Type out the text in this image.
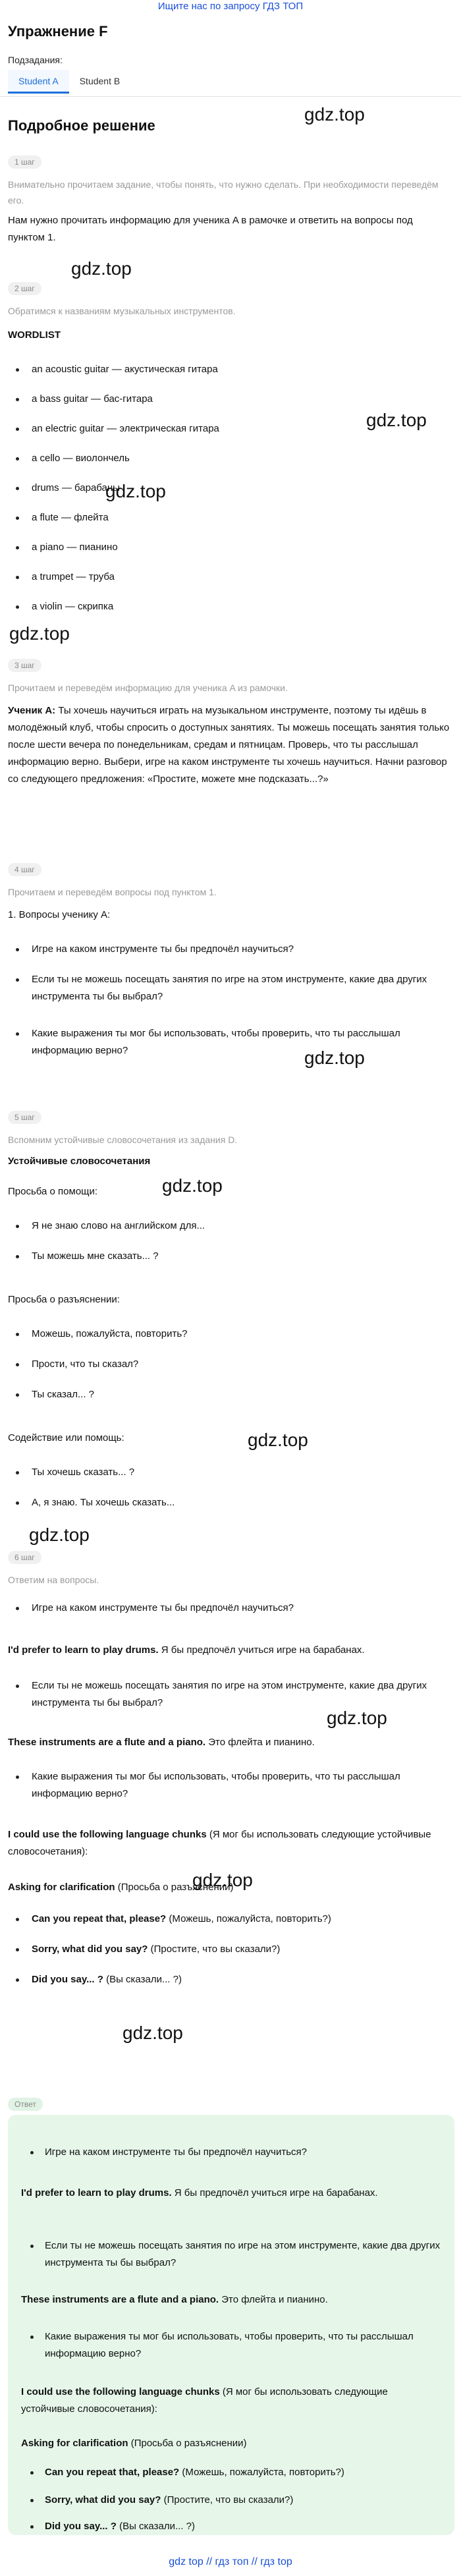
Ищите нас по запросу ГДЗ ТОП
Упражнение F
Подзадания:
Student A	Student B
Подробное решение
gdz.top
gdz.top
gdz.top
gdz.top
gdz.top
gdz.top
gdz.top
gdz.top
gdz.top
gdz.top
gdz.top
gdz.top
1 шаг
Внимательно прочитаем задание, чтобы понять, что нужно сделать. При необходимости переведём его.
Нам нужно прочитать информацию для ученика A в рамочке и ответить на вопросы под пунктом 1.
2 шаг
Обратимся к названиям музыкальных инструментов.
WORDLIST
an acoustic guitar — акустическая гитара
a bass guitar — бас-гитара
an electric guitar — электрическая гитара
a cello — виолончель
drums — барабаны
a flute — флейта
a piano — пианино
a trumpet — труба
a violin — скрипка
3 шаг
Прочитаем и переведём информацию для ученика A из рамочки.
Ученик A: Ты хочешь научиться играть на музыкальном инструменте, поэтому ты идёшь в молодёжный клуб, чтобы спросить о доступных занятиях. Ты можешь посещать занятия только после шести вечера по понедельникам, средам и пятницам. Проверь, что ты расслышал информацию верно. Выбери, игре на каком инструменте ты хочешь научиться. Начни разговор со следующего предложения: «Простите, можете мне подсказать...?»
4 шаг
Прочитаем и переведём вопросы под пунктом 1.
1. Вопросы ученику A:
Игре на каком инструменте ты бы предпочёл научиться?
Если ты не можешь посещать занятия по игре на этом инструменте, какие два других инструмента ты бы выбрал?
Какие выражения ты мог бы использовать, чтобы проверить, что ты расслышал информацию верно?
5 шаг
Вспомним устойчивые словосочетания из задания D.
Устойчивые словосочетания
Просьба о помощи:
Я не знаю слово на английском для...
Ты можешь мне сказать... ?
Просьба о разъяснении:
Можешь, пожалуйста, повторить?
Прости, что ты сказал?
Ты сказал... ?
Содействие или помощь:
Ты хочешь сказать... ?
А, я знаю. Ты хочешь сказать...
6 шаг
Ответим на вопросы.
Игре на каком инструменте ты бы предпочёл научиться?
I'd prefer to learn to play drums. Я бы предпочёл учиться игре на барабанах.
Если ты не можешь посещать занятия по игре на этом инструменте, какие два других инструмента ты бы выбрал?
These instruments are a flute and a piano. Это флейта и пианино.
Какие выражения ты мог бы использовать, чтобы проверить, что ты расслышал информацию верно?
I could use the following language chunks (Я мог бы использовать следующие устойчивые словосочетания):
Asking for clarification (Просьба о разъяснении)
Can you repeat that, please? (Можешь, пожалуйста, повторить?)
Sorry, what did you say? (Простите, что вы сказали?)
Did you say... ? (Вы сказали... ?)
Ответ
Игре на каком инструменте ты бы предпочёл научиться?
I'd prefer to learn to play drums. Я бы предпочёл учиться игре на барабанах.
Если ты не можешь посещать занятия по игре на этом инструменте, какие два других инструмента ты бы выбрал?
These instruments are a flute and a piano. Это флейта и пианино.
Какие выражения ты мог бы использовать, чтобы проверить, что ты расслышал информацию верно?
I could use the following language chunks (Я мог бы использовать следующие устойчивые словосочетания):
Asking for clarification (Просьба о разъяснении)
Can you repeat that, please? (Можешь, пожалуйста, повторить?)
Sorry, what did you say? (Простите, что вы сказали?)
Did you say... ? (Вы сказали... ?)
gdz top // гдз топ // гдз top
